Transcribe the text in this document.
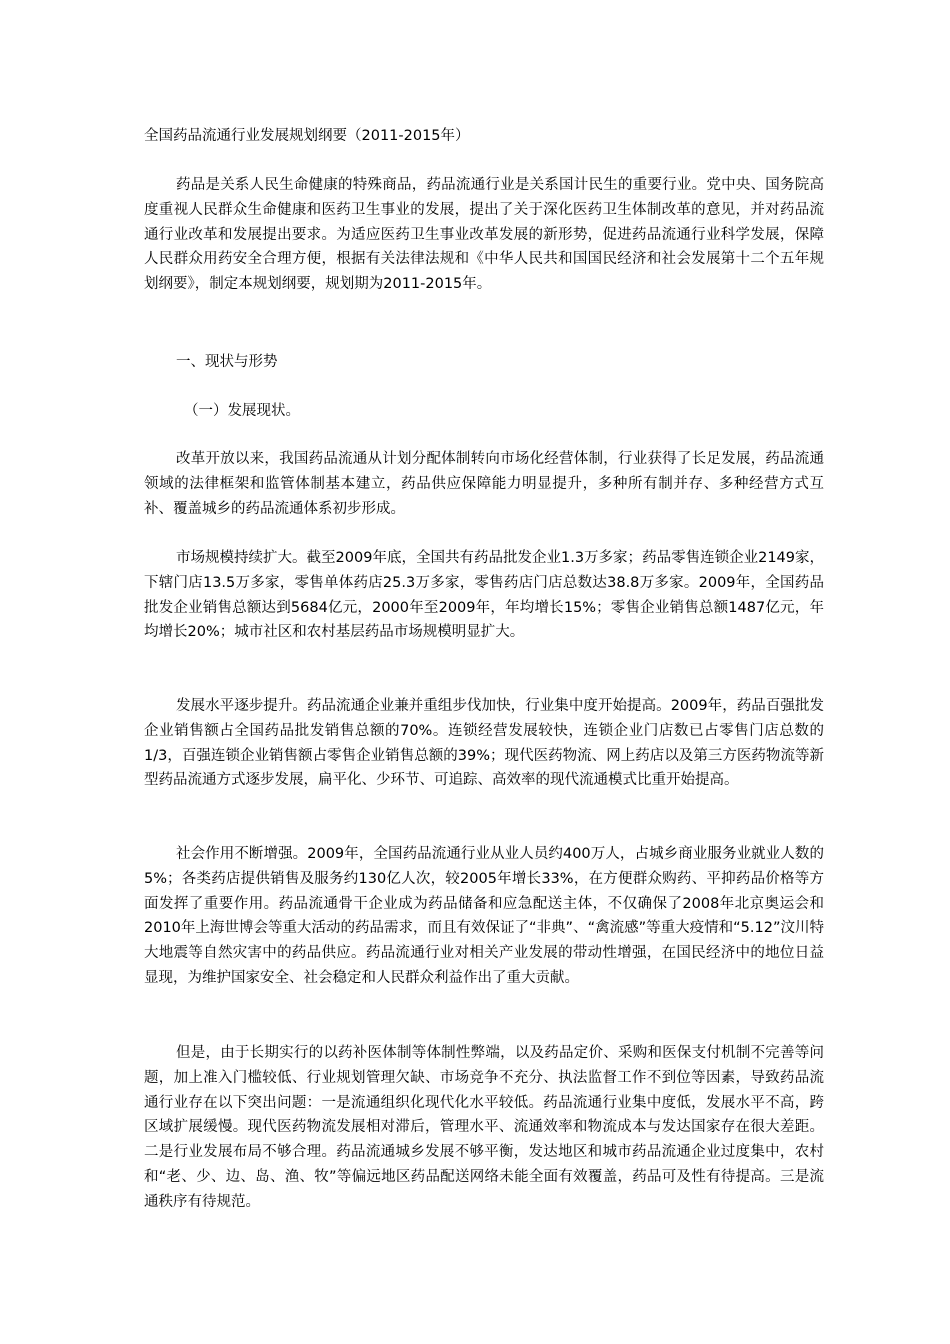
全国药品流通行业发展规划纲要（2011-2015年）

药品是关系人民生命健康的特殊商品，药品流通行业是关系国计民生的重要行业。党中央、国务院高度重视人民群众生命健康和医药卫生事业的发展，提出了关于深化医药卫生体制改革的意见，并对药品流通行业改革和发展提出要求。为适应医药卫生事业改革发展的新形势，促进药品流通行业科学发展，保障人民群众用药安全合理方便，根据有关法律法规和《中华人民共和国国民经济和社会发展第十二个五年规划纲要》，制定本规划纲要，规划期为2011-2015年。

一、现状与形势

（一）发展现状。

改革开放以来，我国药品流通从计划分配体制转向市场化经营体制，行业获得了长足发展，药品流通领域的法律框架和监管体制基本建立，药品供应保障能力明显提升，多种所有制并存、多种经营方式互补、覆盖城乡的药品流通体系初步形成。

市场规模持续扩大。截至2009年底，全国共有药品批发企业1.3万多家；药品零售连锁企业2149家，下辖门店13.5万多家，零售单体药店25.3万多家，零售药店门店总数达38.8万多家。2009年，全国药品批发企业销售总额达到5684亿元，2000年至2009年，年均增长15%；零售企业销售总额1487亿元，年均增长20%；城市社区和农村基层药品市场规模明显扩大。

发展水平逐步提升。药品流通企业兼并重组步伐加快，行业集中度开始提高。2009年，药品百强批发企业销售额占全国药品批发销售总额的70%。连锁经营发展较快，连锁企业门店数已占零售门店总数的1/3，百强连锁企业销售额占零售企业销售总额的39%；现代医药物流、网上药店以及第三方医药物流等新型药品流通方式逐步发展，扁平化、少环节、可追踪、高效率的现代流通模式比重开始提高。

社会作用不断增强。2009年，全国药品流通行业从业人员约400万人，占城乡商业服务业就业人数的5%；各类药店提供销售及服务约130亿人次，较2005年增长33%，在方便群众购药、平抑药品价格等方面发挥了重要作用。药品流通骨干企业成为药品储备和应急配送主体，不仅确保了2008年北京奥运会和2010年上海世博会等重大活动的药品需求，而且有效保证了“非典”、“禽流感”等重大疫情和“5.12”汶川特大地震等自然灾害中的药品供应。药品流通行业对相关产业发展的带动性增强，在国民经济中的地位日益显现，为维护国家安全、社会稳定和人民群众利益作出了重大贡献。

但是，由于长期实行的以药补医体制等体制性弊端，以及药品定价、采购和医保支付机制不完善等问题，加上准入门槛较低、行业规划管理欠缺、市场竞争不充分、执法监督工作不到位等因素，导致药品流通行业存在以下突出问题：一是流通组织化现代化水平较低。药品流通行业集中度低，发展水平不高，跨区域扩展缓慢。现代医药物流发展相对滞后，管理水平、流通效率和物流成本与发达国家存在很大差距。二是行业发展布局不够合理。药品流通城乡发展不够平衡，发达地区和城市药品流通企业过度集中，农村和“老、少、边、岛、渔、牧”等偏远地区药品配送网络未能全面有效覆盖，药品可及性有待提高。三是流通秩序有待规范。
